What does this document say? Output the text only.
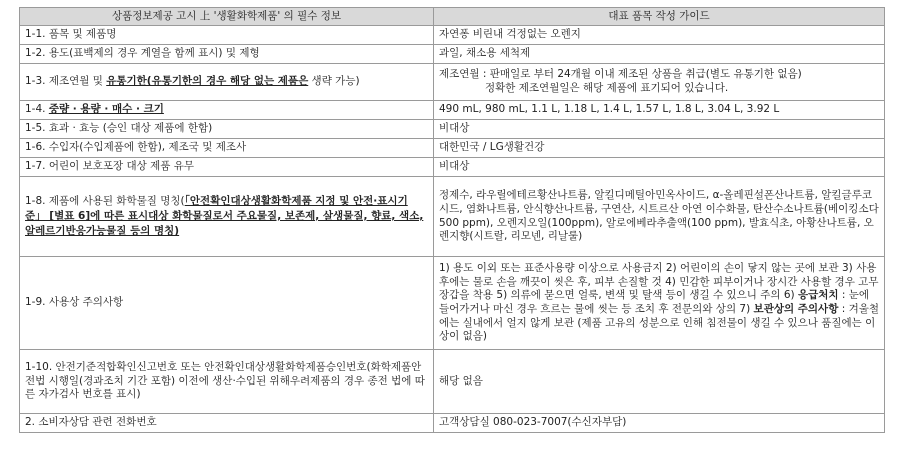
상품정보제공 고시 上 '생활화학제품' 의 필수 정보	대표 품목 작성 가이드
1-1. 품목 및 제품명	자연퐁 비린내 걱정없는 오렌지
1-2. 용도(표백제의 경우 계열을 함께 표시) 및 제형	과일, 채소용 세척제
1-3. 제조연월 및 유통기한(유통기한의 경우 해당 없는 제품은 생략 가능)	제조연월 : 판매일로 부터 24개월 이내 제조된 상품을 취급(별도 유통기한 없음)
정확한 제조연월일은 해당 제품에 표기되어 있습니다.

1-4. 중량 · 용량 · 매수 · 크기	490 mL, 980 mL, 1.1 L, 1.18 L, 1.4 L, 1.57 L, 1.8 L, 3.04 L, 3.92 L
1-5. 효과 · 효능 (승인 대상 제품에 한함)	비대상
1-6. 수입자(수입제품에 한함), 제조국 및 제조사	대한민국 / LG생활건강
1-7. 어린이 보호포장 대상 제품 유무	비대상
1-8. 제품에 사용된 화학물질 명칭(「안전확인대상생활화학제품 지정 및 안전·표시기준」 [별표 6]에 따른 표시대상 화학물질로서 주요물질, 보존제, 살생물질, 향료, 색소, 알레르기반응가능물질 등의 명칭)	정제수, 라우릴에테르황산나트륨, 알킬디메틸아민옥사이드, α-올레핀설폰산나트륨, 알킬글루코시드, 염화나트륨, 안식향산나트륨, 구연산, 시트르산 아연 이수화물, 탄산수소나트륨(베이킹소다 500 ppm), 오렌지오일(100ppm), 알로에베라추출액(100 ppm), 발효식초, 아황산나트륨, 오렌지향(시트랄, 리모넨, 리날룰)
1-9. 사용상 주의사항	1) 용도 이외 또는 표준사용량 이상으로 사용금지 2) 어린이의 손이 닿지 않는 곳에 보관 3) 사용 후에는 물로 손을 깨끗이 씻은 후, 피부 손질할 것 4) 민감한 피부이거나 장시간 사용할 경우 고무장갑을 착용 5) 의류에 묻으면 얼룩, 변색 및 탈색 등이 생길 수 있으니 주의 6) 응급처치 : 눈에 들어가거나 마신 경우 흐르는 물에 씻는 등 조치 후 전문의와 상의 7) 보관상의 주의사항 : 겨울철에는 실내에서 얼지 않게 보관 (제품 고유의 성분으로 인해 침전물이 생길 수 있으나 품질에는 이상이 없음)
1-10. 안전기준적합확인신고번호 또는 안전확인대상생활화학제품승인번호(화학제품안전법 시행일(경과조치 기간 포함) 이전에 생산·수입된 위해우려제품의 경우 종전 법에 따른 자가검사 번호를 표시)	해당 없음
2. 소비자상담 관련 전화번호	고객상담실 080-023-7007(수신자부담)
